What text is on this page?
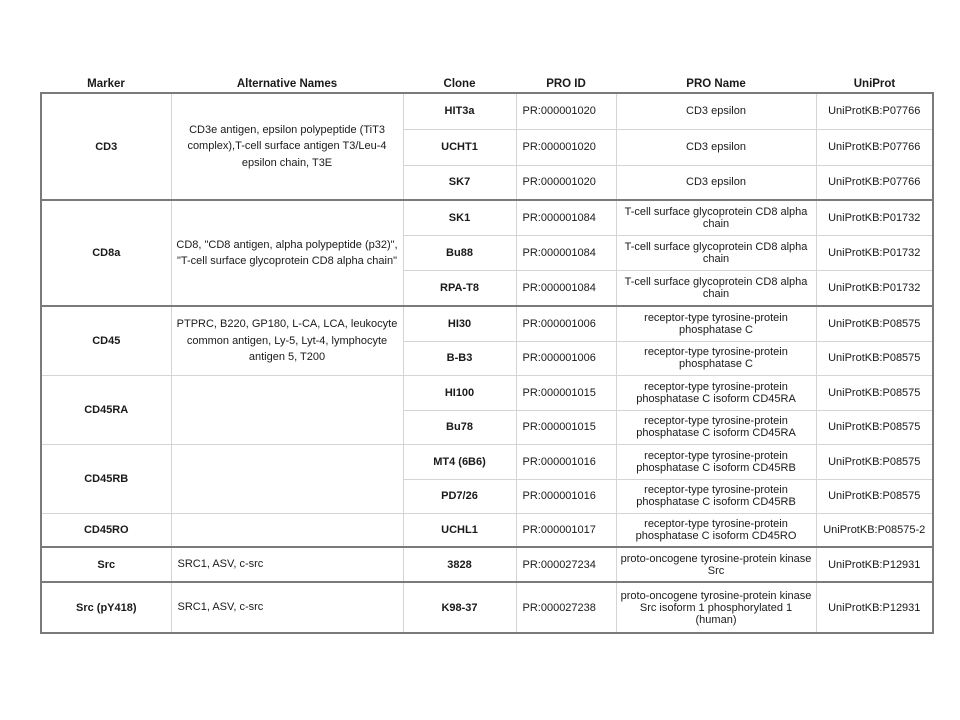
Marker	Alternative Names	Clone	PRO ID	PRO Name	UniProt
CD3	CD3e antigen, epsilon polypeptide (TiT3 complex),T-cell surface antigen T3/Leu-4 epsilon chain, T3E	HIT3a	PR:000001020	CD3 epsilon	UniProtKB:P07766
		UCHT1	PR:000001020	CD3 epsilon	UniProtKB:P07766
		SK7	PR:000001020	CD3 epsilon	UniProtKB:P07766
CD8a	CD8, "CD8 antigen, alpha polypeptide (p32)", "T-cell surface glycoprotein CD8 alpha chain"	SK1	PR:000001084	T-cell surface glycoprotein CD8 alpha chain	UniProtKB:P01732
		Bu88	PR:000001084	T-cell surface glycoprotein CD8 alpha chain	UniProtKB:P01732
		RPA-T8	PR:000001084	T-cell surface glycoprotein CD8 alpha chain	UniProtKB:P01732
CD45	PTPRC, B220, GP180, L-CA, LCA, leukocyte common antigen, Ly-5, Lyt-4, lymphocyte antigen 5, T200	HI30	PR:000001006	receptor-type tyrosine-protein phosphatase C	UniProtKB:P08575
		B-B3	PR:000001006	receptor-type tyrosine-protein phosphatase C	UniProtKB:P08575
CD45RA		HI100	PR:000001015	receptor-type tyrosine-protein phosphatase C isoform CD45RA	UniProtKB:P08575
		Bu78	PR:000001015	receptor-type tyrosine-protein phosphatase C isoform CD45RA	UniProtKB:P08575
CD45RB		MT4 (6B6)	PR:000001016	receptor-type tyrosine-protein phosphatase C isoform CD45RB	UniProtKB:P08575
		PD7/26	PR:000001016	receptor-type tyrosine-protein phosphatase C isoform CD45RB	UniProtKB:P08575
CD45RO		UCHL1	PR:000001017	receptor-type tyrosine-protein phosphatase C isoform CD45RO	UniProtKB:P08575-2
Src	SRC1, ASV, c-src	3828	PR:000027234	proto-oncogene tyrosine-protein kinase Src	UniProtKB:P12931
Src (pY418)	SRC1, ASV, c-src	K98-37	PR:000027238	proto-oncogene tyrosine-protein kinase Src isoform 1 phosphorylated 1 (human)	UniProtKB:P12931
